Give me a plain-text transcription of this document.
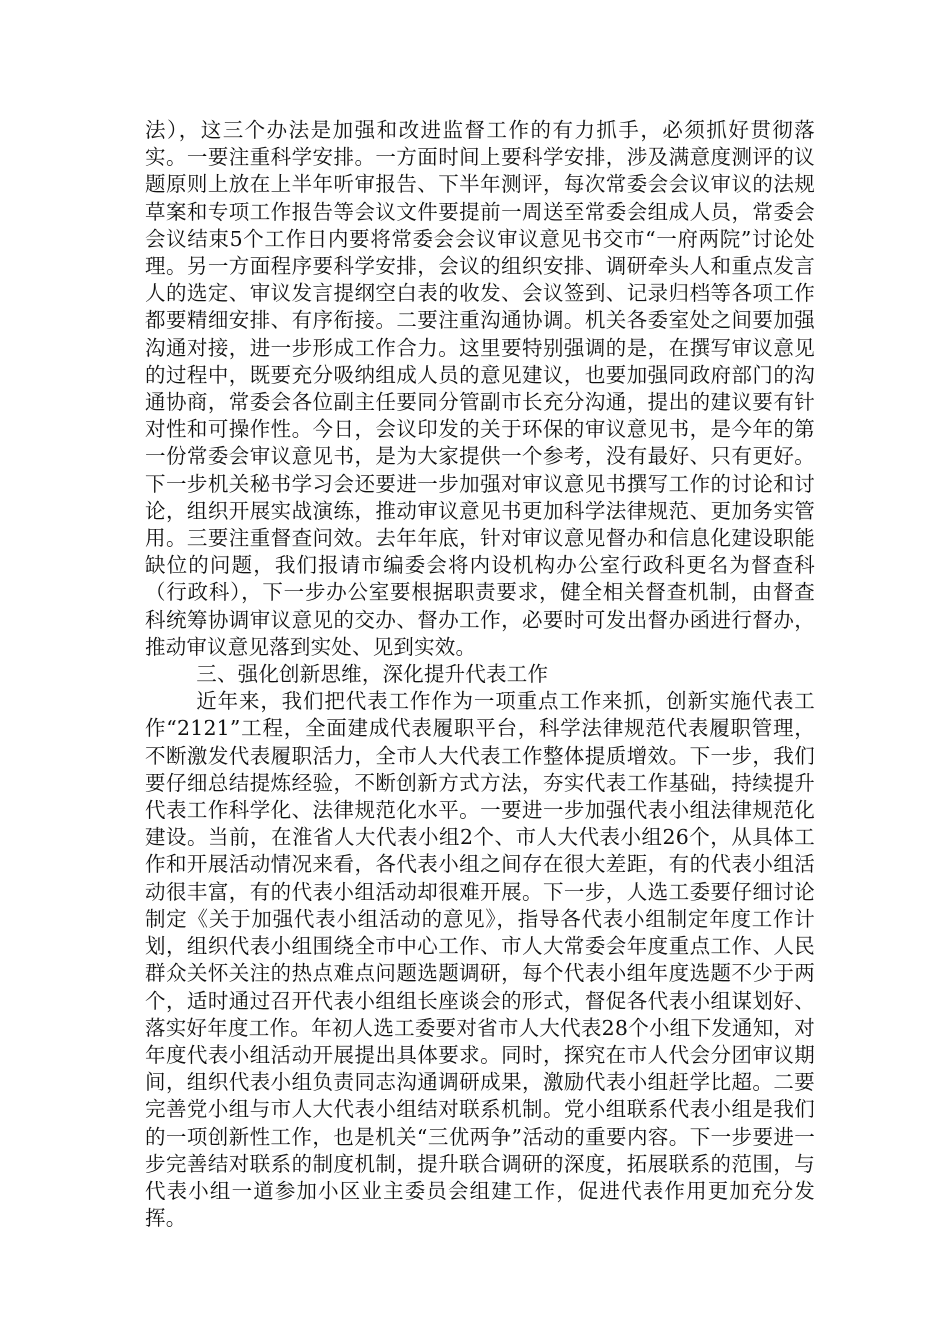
法），这三个办法是加强和改进监督工作的有力抓手，必须抓好贯彻落实。一要注重科学安排。一方面时间上要科学安排，涉及满意度测评的议题原则上放在上半年听审报告、下半年测评，每次常委会会议审议的法规草案和专项工作报告等会议文件要提前一周送至常委会组成人员，常委会会议结束5个工作日内要将常委会会议审议意见书交市“一府两院”讨论处理。另一方面程序要科学安排，会议的组织安排、调研牵头人和重点发言人的选定、审议发言提纲空白表的收发、会议签到、记录归档等各项工作都要精细安排、有序衔接。二要注重沟通协调。机关各委室处之间要加强沟通对接，进一步形成工作合力。这里要特别强调的是，在撰写审议意见的过程中，既要充分吸纳组成人员的意见建议，也要加强同政府部门的沟通协商，常委会各位副主任要同分管副市长充分沟通，提出的建议要有针对性和可操作性。今日，会议印发的关于环保的审议意见书，是今年的第一份常委会审议意见书，是为大家提供一个参考，没有最好、只有更好。下一步机关秘书学习会还要进一步加强对审议意见书撰写工作的讨论和讨论，组织开展实战演练，推动审议意见书更加科学法律规范、更加务实管用。三要注重督查问效。去年年底，针对审议意见督办和信息化建设职能缺位的问题，我们报请市编委会将内设机构办公室行政科更名为督查科（行政科），下一步办公室要根据职责要求，健全相关督查机制，由督查科统筹协调审议意见的交办、督办工作，必要时可发出督办函进行督办，推动审议意见落到实处、见到实效。

三、强化创新思维，深化提升代表工作

近年来，我们把代表工作作为一项重点工作来抓，创新实施代表工作“2121”工程，全面建成代表履职平台，科学法律规范代表履职管理，不断激发代表履职活力，全市人大代表工作整体提质增效。下一步，我们要仔细总结提炼经验，不断创新方式方法，夯实代表工作基础，持续提升代表工作科学化、法律规范化水平。一要进一步加强代表小组法律规范化建设。当前，在淮省人大代表小组2个、市人大代表小组26个，从具体工作和开展活动情况来看，各代表小组之间存在很大差距，有的代表小组活动很丰富，有的代表小组活动却很难开展。下一步，人选工委要仔细讨论制定《关于加强代表小组活动的意见》，指导各代表小组制定年度工作计划，组织代表小组围绕全市中心工作、市人大常委会年度重点工作、人民群众关怀关注的热点难点问题选题调研，每个代表小组年度选题不少于两个，适时通过召开代表小组组长座谈会的形式，督促各代表小组谋划好、落实好年度工作。年初人选工委要对省市人大代表28个小组下发通知，对年度代表小组活动开展提出具体要求。同时，探究在市人代会分团审议期间，组织代表小组负责同志沟通调研成果，激励代表小组赶学比超。二要完善党小组与市人大代表小组结对联系机制。党小组联系代表小组是我们的一项创新性工作，也是机关“三优两争”活动的重要内容。下一步要进一步完善结对联系的制度机制，提升联合调研的深度，拓展联系的范围，与代表小组一道参加小区业主委员会组建工作，促进代表作用更加充分发挥。
